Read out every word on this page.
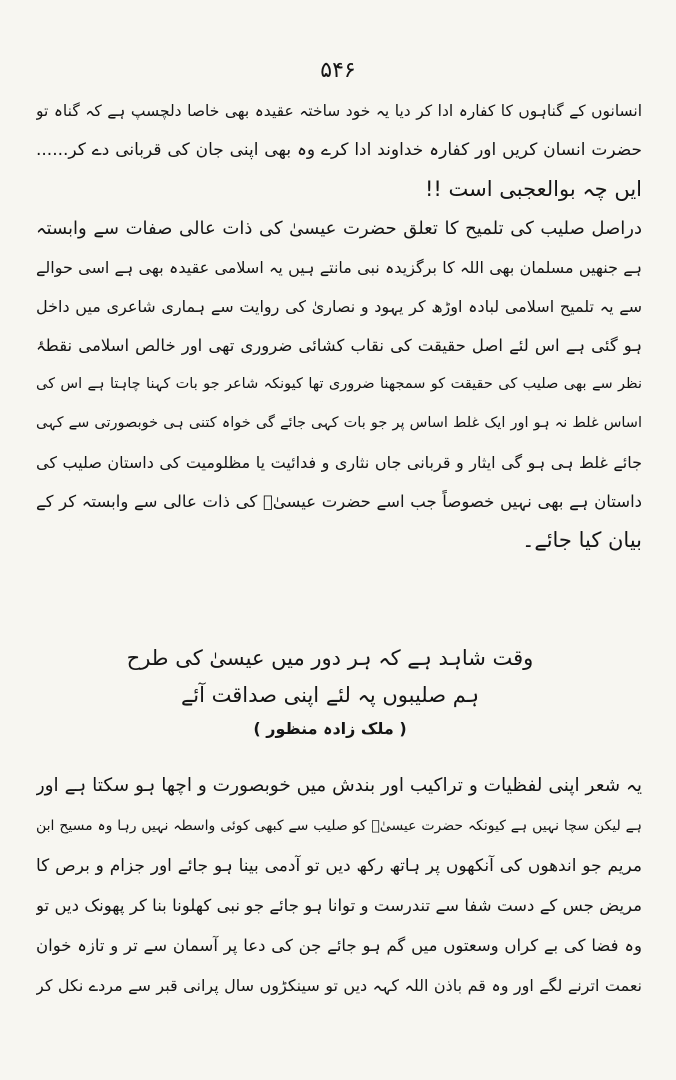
۵۴۶
انسانوں کے گناہوں کا کفارہ ادا کر دیا یہ خود ساختہ عقیدہ بھی خاصا دلچسپ ہے کہ گناہ تو
حضرت انسان کریں اور کفارہ خداوند ادا کرے وہ بھی اپنی جان کی قربانی دے کر......
ایں چہ بوالعجبی است !!
دراصل صلیب کی تلمیح کا تعلق حضرت عیسیٰ کی ذات عالی صفات سے وابستہ
ہے جنھیں مسلمان بھی اللہ کا برگزیدہ نبی مانتے ہیں یہ اسلامی عقیدہ بھی ہے اسی حوالے
سے یہ تلمیح اسلامی لبادہ اوڑھ کر یہود و نصاریٰ کی روایت سے ہماری شاعری میں داخل
ہو گئی ہے اس لئے اصل حقیقت کی نقاب کشائی ضروری تھی اور خالص اسلامی نقطۂ
نظر سے بھی صلیب کی حقیقت کو سمجھنا ضروری تھا کیونکہ شاعر جو بات کہنا چاہتا ہے اس کی
اساس غلط نہ ہو اور ایک غلط اساس پر جو بات کہی جائے گی خواہ کتنی ہی خوبصورتی سے کہی
جائے غلط ہی ہو گی ایثار و قربانی جاں نثاری و فدائیت یا مظلومیت کی داستان صلیب کی
داستان ہے بھی نہیں خصوصاً جب اسے حضرت عیسیٰؑ کی ذات عالی سے وابستہ کر کے
بیان کیا جائے۔
وقت شاہد ہے کہ ہر دور میں عیسیٰ کی طرح
ہم صلیبوں پہ لئے اپنی صداقت آئے
( ملک زادہ منظور )
یہ شعر اپنی لفظیات و تراکیب اور بندش میں خوبصورت و اچھا ہو سکتا ہے اور
ہے لیکن سچا نہیں ہے کیونکہ حضرت عیسیٰؑ کو صلیب سے کبھی کوئی واسطہ نہیں رہا وہ مسیح ابن
مریم جو اندھوں کی آنکھوں پر ہاتھ رکھ دیں تو آدمی بینا ہو جائے اور جزام و برص کا
مریض جس کے دست شفا سے تندرست و توانا ہو جائے جو نبی کھلونا بنا کر پھونک دیں تو
وہ فضا کی بے کراں وسعتوں میں گم ہو جائے جن کی دعا پر آسمان سے تر و تازہ خوان
نعمت اترنے لگے اور وہ قم باذن اللہ کہہ دیں تو سینکڑوں سال پرانی قبر سے مردے نکل کر
